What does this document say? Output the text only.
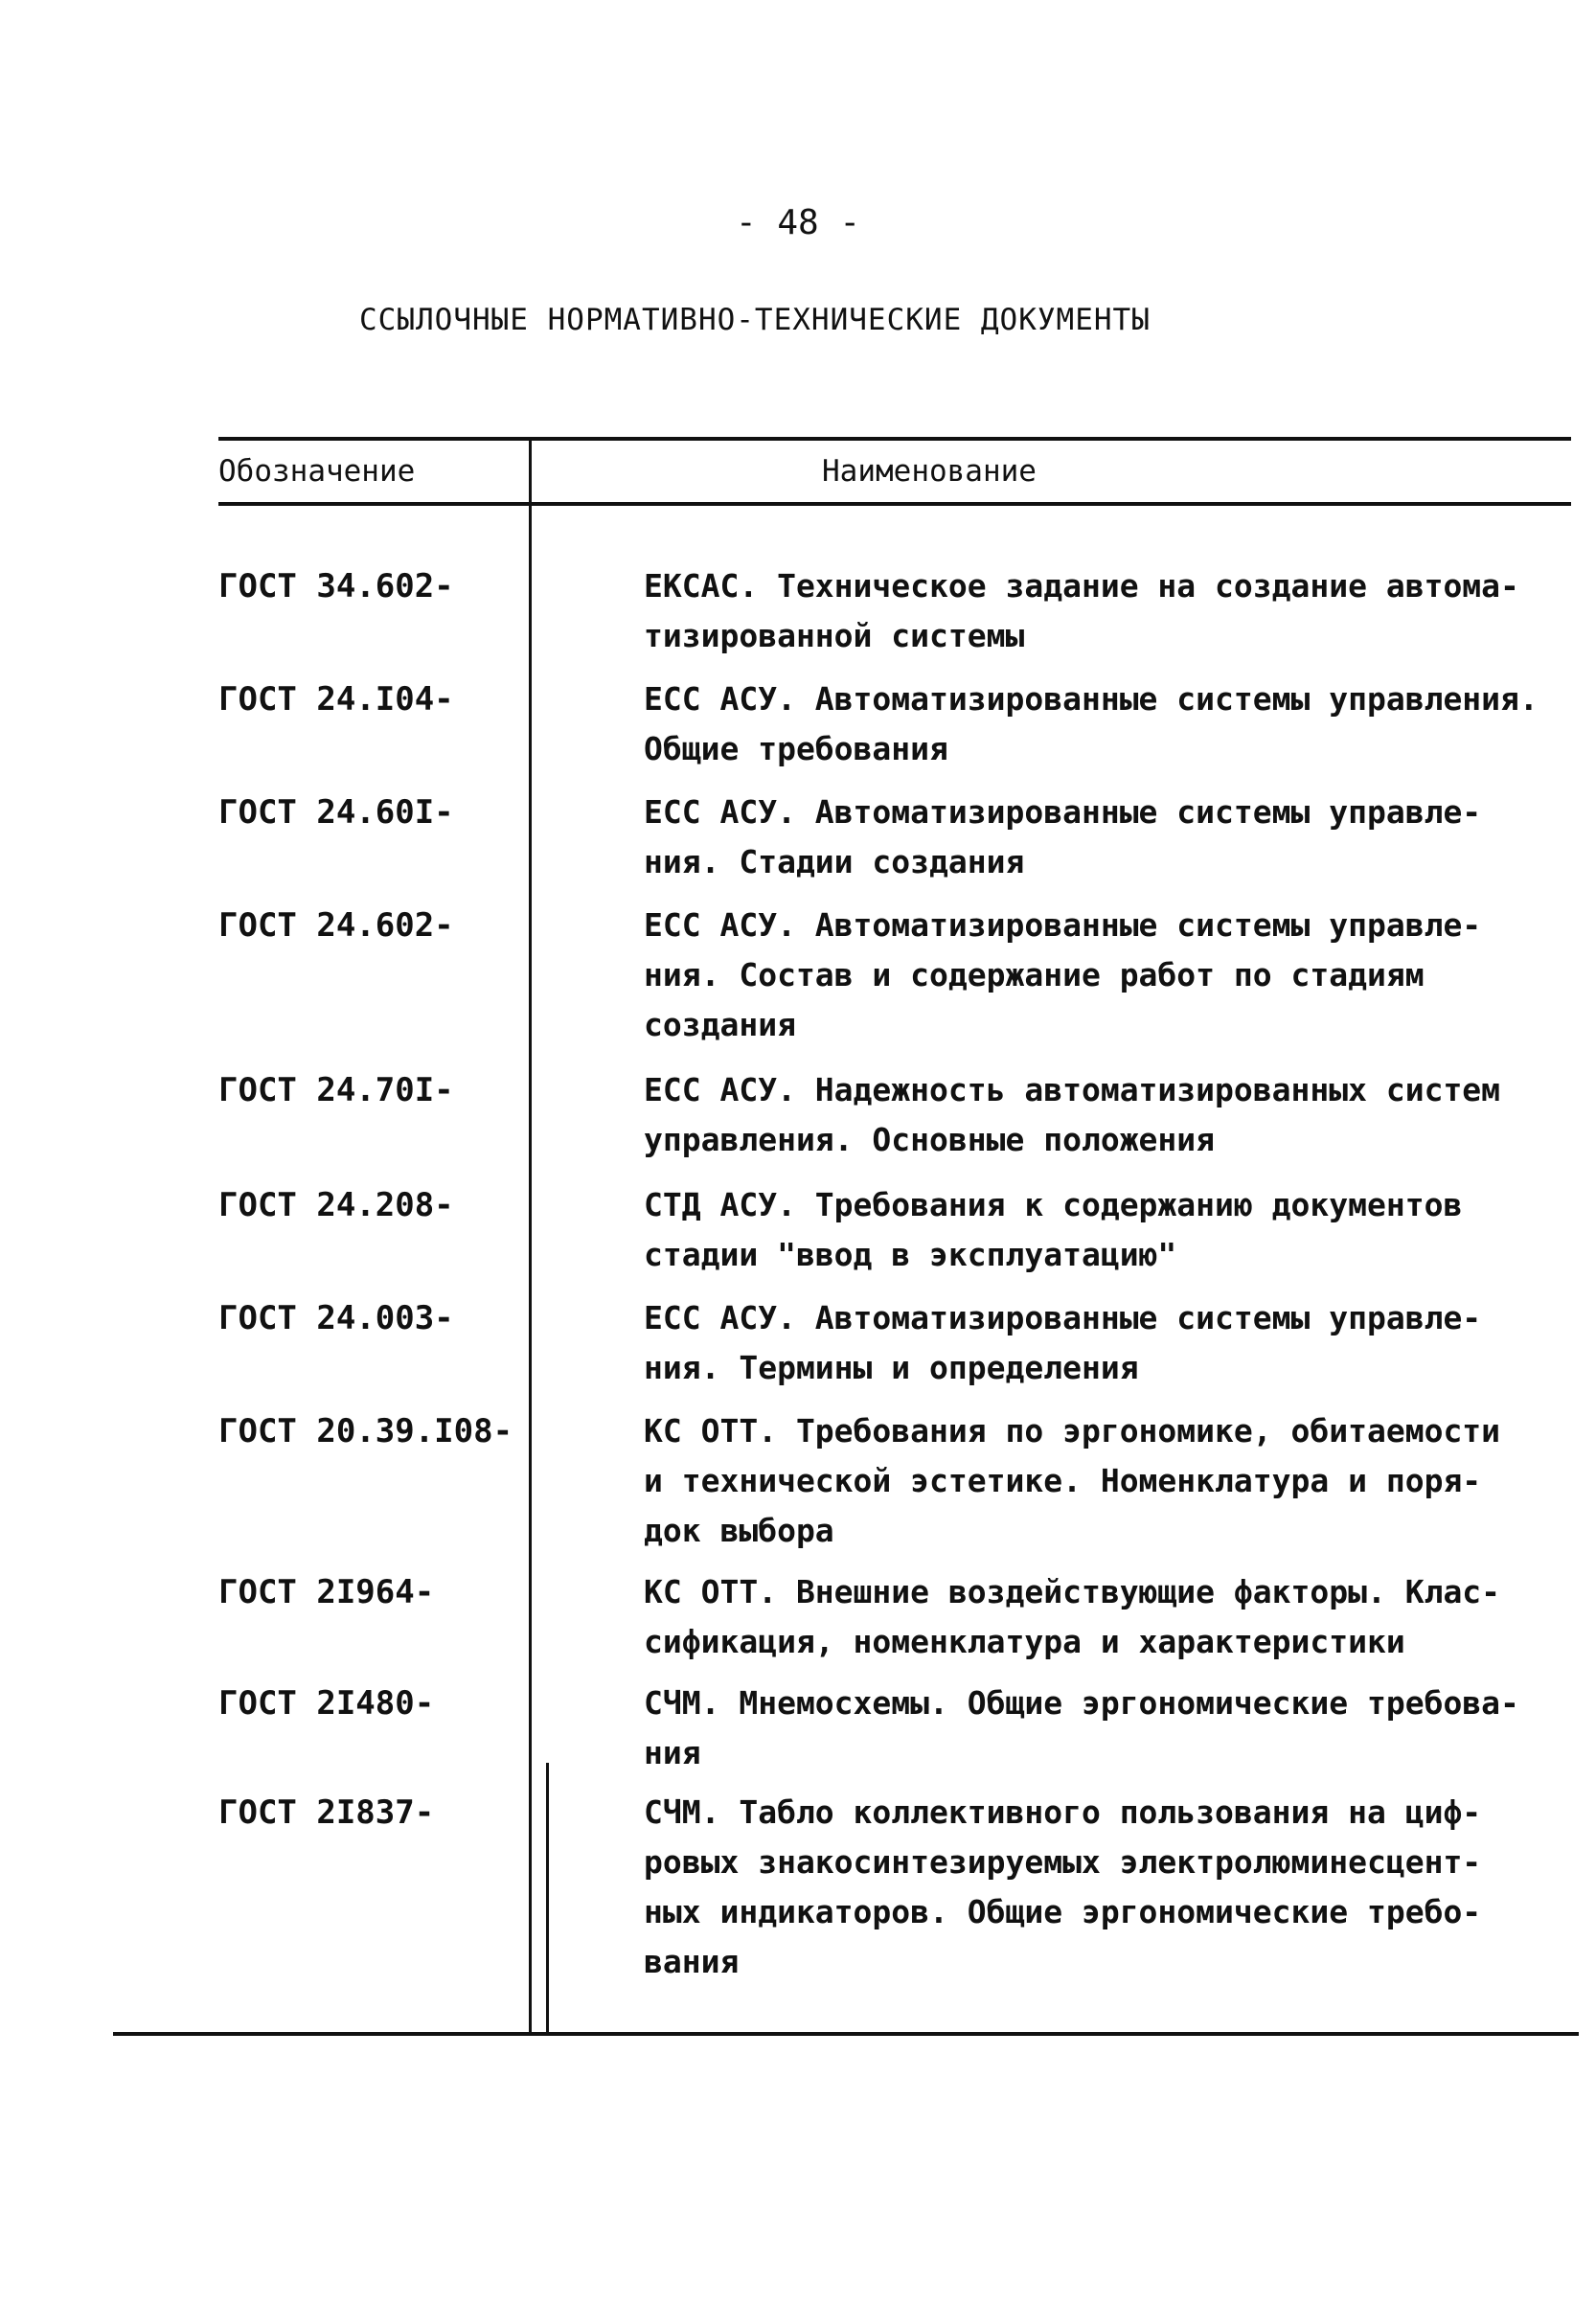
- 48 -
ССЫЛОЧНЫЕ НОРМАТИВНО-ТЕХНИЧЕСКИЕ ДОКУМЕНТЫ
Обозначение	Наименование
ГОСТ 34.602-	ЕКСАС. Техническое задание на создание автома-
тизированной системы
ГОСТ 24.I04-	ЕСС АСУ. Автоматизированные системы управления.
Общие требования
ГОСТ 24.60I-	ЕСС АСУ. Автоматизированные системы управле-
ния. Стадии создания
ГОСТ 24.602-	ЕСС АСУ. Автоматизированные системы управле-
ния. Состав и содержание работ по стадиям
создания
ГОСТ 24.70I-	ЕСС АСУ. Надежность автоматизированных систем
управления. Основные положения
ГОСТ 24.208-	СТД АСУ. Требования к содержанию документов
стадии "ввод в эксплуатацию"
ГОСТ 24.003-	ЕСС АСУ. Автоматизированные системы управле-
ния. Термины и определения
ГОСТ 20.39.I08-	КС ОТТ. Требования по эргономике, обитаемости
и технической эстетике. Номенклатура и поря-
док выбора
ГОСТ 2I964-	КС ОТТ. Внешние воздействующие факторы. Клас-
сификация, номенклатура и характеристики
ГОСТ 2I480-	СЧМ. Мнемосхемы. Общие эргономические требова-
ния
ГОСТ 2I837-	СЧМ. Табло коллективного пользования на циф-
ровых знакосинтезируемых электролюминесцент-
ных индикаторов. Общие эргономические требо-
вания
